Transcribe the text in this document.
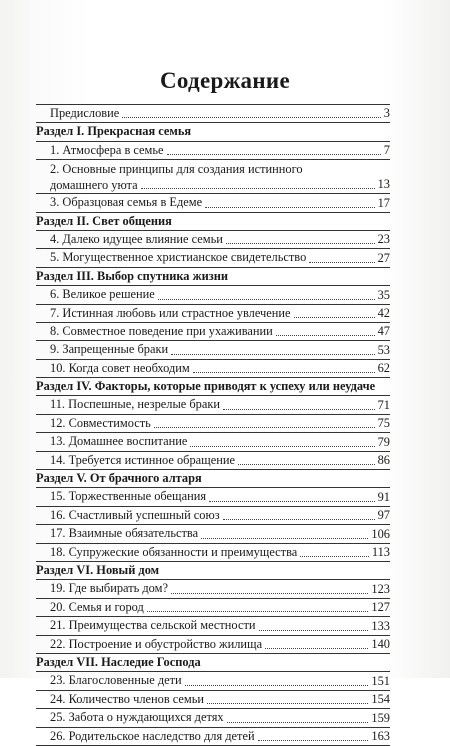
Содержание
Предисловие	3
Раздел I. Прекрасная семья
1. Атмосфера в семье	7
2. Основные принципы для создания истинного
домашнего уюта	13
3. Образцовая семья в Едеме	17
Раздел II. Свет общения
4. Далеко идущее влияние семьи	23
5. Могущественное христианское свидетельство	27
Раздел III. Выбор спутника жизни
6. Великое решение	35
7. Истинная любовь или страстное увлечение	42
8. Совместное поведение при ухаживании	47
9. Запрещенные браки	53
10. Когда совет необходим	62
Раздел IV. Факторы, которые приводят к успеху или неудаче
11. Поспешные, незрелые браки	71
12. Совместимость	75
13. Домашнее воспитание	79
14. Требуется истинное обращение	86
Раздел V. От брачного алтаря
15. Торжественные обещания	91
16. Счастливый успешный союз	97
17. Взаимные обязательства	106
18. Супружеские обязанности и преимущества	113
Раздел VI. Новый дом
19. Где выбирать дом?	123
20. Семья и город	127
21. Преимущества сельской местности	133
22. Построение и обустройство жилища	140
Раздел VII. Наследие Господа
23. Благословенные дети	151
24. Количество членов семьи	154
25. Забота о нуждающихся детях	159
26. Родительское наследство для детей	163
